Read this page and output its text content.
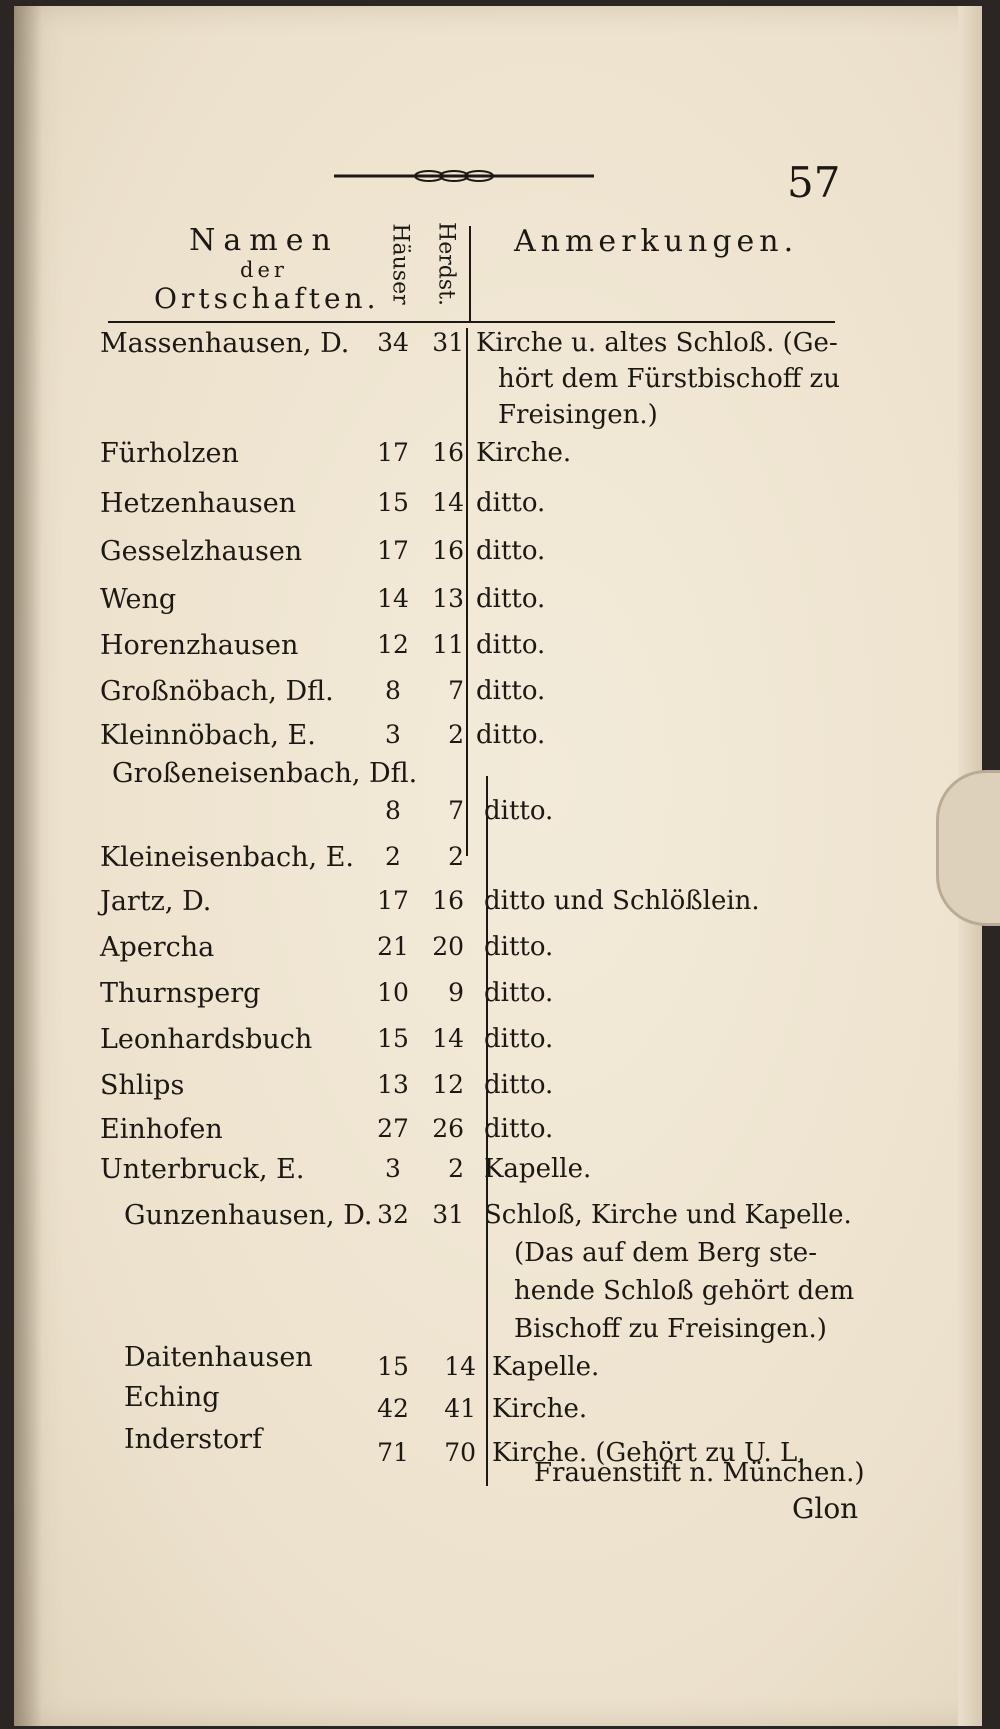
57
Namen
der
Ortschaften. Häuser Herdst. Anmerkungen.
Massenhausen, D. 34 31 Kirche u. altes Schloß. (Ge-
hört dem Fürstbischoff zu
Freisingen.)
Fürholzen	17 16 Kirche.
Hetzenhausen	15 14 ditto.
Gesselzhausen	17 16 ditto.
Weng	14 13 ditto.
Horenzhausen	12 11 ditto.
Großnöbach, Dfl.	8	7 ditto.
Kleinnöbach, E.	3	2 ditto.
Großeneisenbach, Dfl.
8	7 ditto.
Kleineisenbach, E.	2	2
Jartz, D.	17 16 ditto und Schlößlein.
Apercha	21 20 ditto.
Thurnsperg	10	9 ditto.
Leonhardsbuch	15 14 ditto.
Shlips	13 12 ditto.
Einhofen	27 26 ditto.
Unterbruck, E.	3	2 Kapelle.
Gunzenhausen, D. 32 31 Schloß, Kirche und Kapelle.
(Das auf dem Berg ste-
hende Schloß gehört dem
Bischoff zu Freisingen.)
Daitenhausen	15	14 Kapelle.
Eching	42	41 Kirche.
Inderstorf	71	70 Kirche. (Gehört zu U. L.
Frauenstift n. München.)
Glon
